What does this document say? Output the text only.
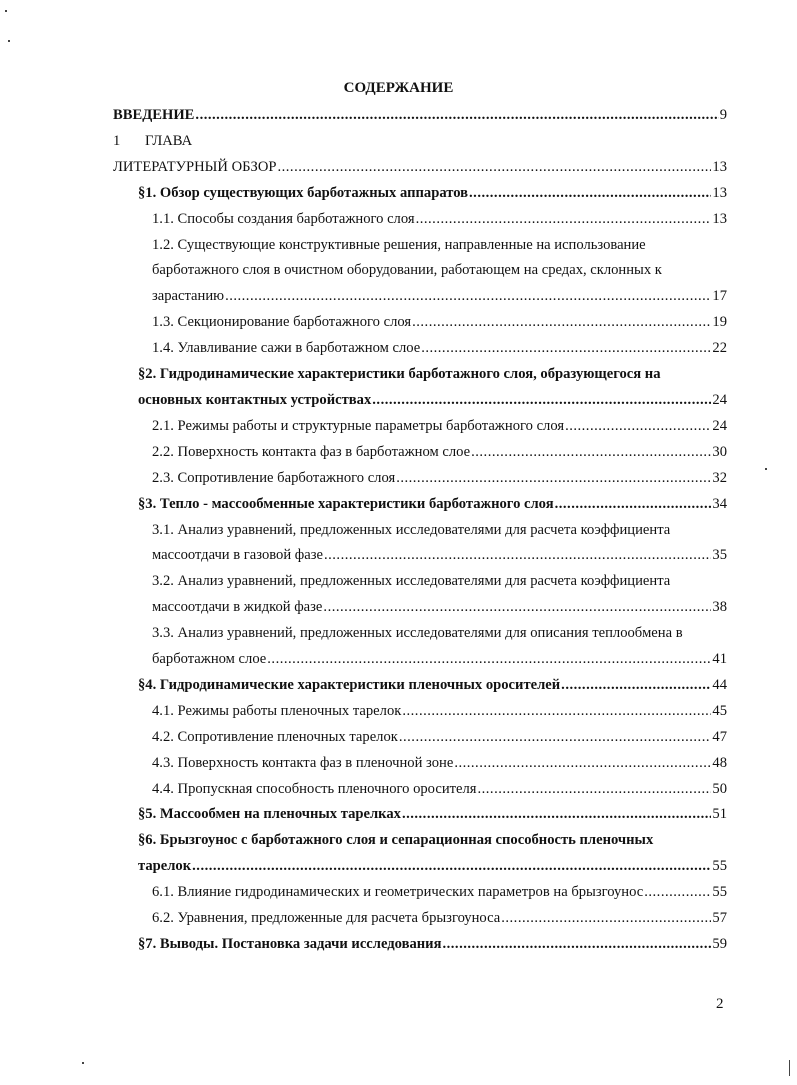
СОДЕРЖАНИЕ
ВВЕДЕНИЕ .....	9
1	ГЛАВА
ЛИТЕРАТУРНЫЙ ОБЗОР .....	13
§1. Обзор существующих барботажных аппаратов .....	13
1.1. Способы создания барботажного слоя .....	13
1.2. Существующие конструктивные решения, направленные на использование
барботажного слоя в очистном оборудовании, работающем на средах, склонных к
зарастанию .....	17
1.3. Секционирование барботажного слоя .....	19
1.4. Улавливание сажи в барботажном слое .....	22
§2. Гидродинамические характеристики барботажного слоя, образующегося на
основных контактных устройствах .....	24
2.1. Режимы работы и структурные параметры барботажного слоя .....	24
2.2. Поверхность контакта фаз в барботажном слое .....	30
2.3. Сопротивление барботажного слоя .....	32
§3. Тепло - массообменные характеристики барботажного слоя .....	34
3.1. Анализ уравнений, предложенных исследователями для расчета коэффициента
массоотдачи в газовой фазе .....	35
3.2. Анализ уравнений, предложенных исследователями для расчета коэффициента
массоотдачи в жидкой фазе .....	38
3.3. Анализ уравнений, предложенных исследователями для описания теплообмена в
барботажном слое .....	41
§4. Гидродинамические характеристики пленочных оросителей .....	44
4.1. Режимы работы пленочных тарелок .....	45
4.2. Сопротивление пленочных тарелок .....	47
4.3. Поверхность контакта фаз в пленочной зоне .....	48
4.4. Пропускная способность пленочного оросителя .....	50
§5. Массообмен на пленочных тарелках .....	51
§6. Брызгоунос с барботажного слоя и сепарационная способность пленочных
тарелок .....	55
6.1. Влияние гидродинамических и геометрических параметров на брызгоунос .....	55
6.2. Уравнения, предложенные для расчета брызгоуноса .....	57
§7. Выводы. Постановка задачи исследования .....	59
2
